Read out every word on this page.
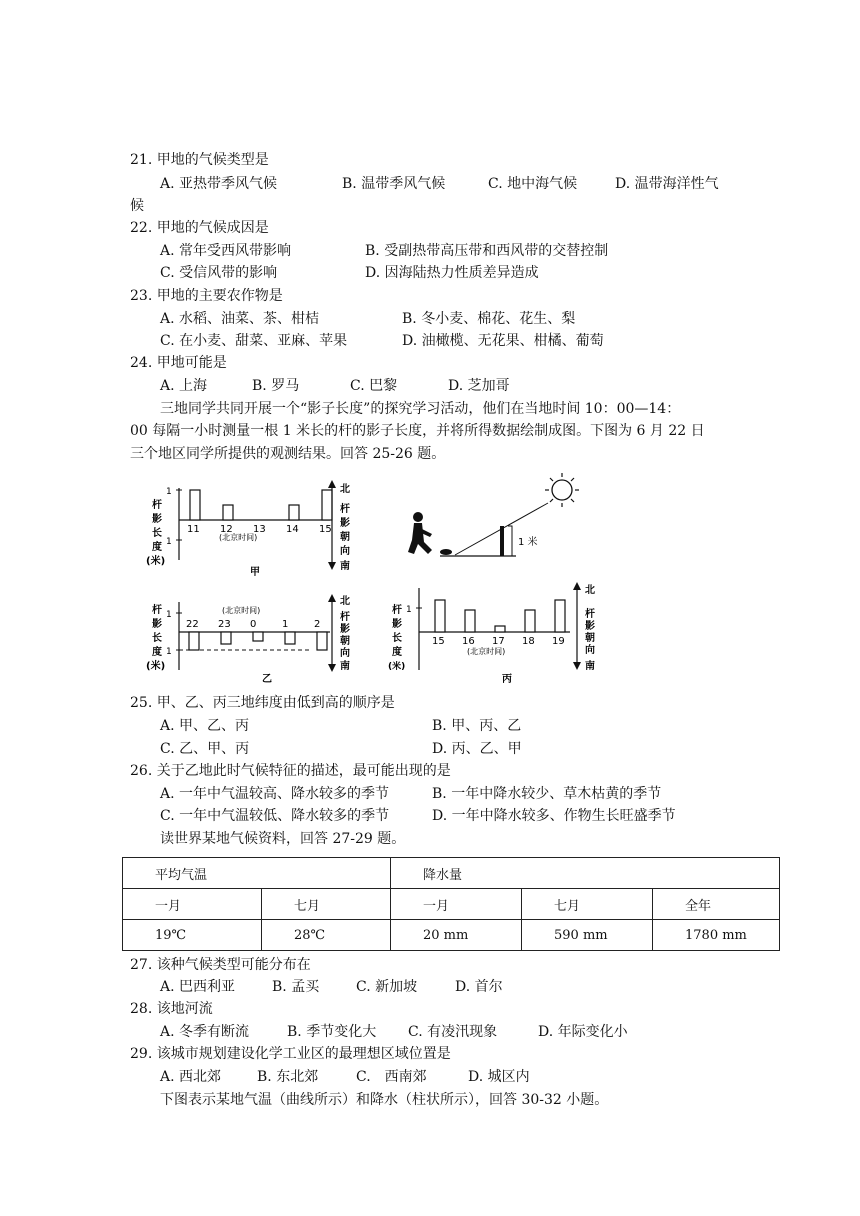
21. 甲地的气候类型是
A. 亚热带季风气候	B. 温带季风气候	C. 地中海气候	D. 温带海洋性气
候
22. 甲地的气候成因是
A. 常年受西风带影响	B. 受副热带高压带和西风带的交替控制
C. 受信风带的影响	D. 因海陆热力性质差异造成
23. 甲地的主要农作物是
A. 水稻、油菜、茶、柑桔	B. 冬小麦、棉花、花生、梨
C. 在小麦、甜菜、亚麻、苹果	D. 油橄榄、无花果、柑橘、葡萄
24. 甲地可能是
A. 上海	B. 罗马	C. 巴黎	D. 芝加哥
三地同学共同开展一个“影子长度”的探究学习活动，他们在当地时间 10：00—14：
00 每隔一小时测量一根 1 米长的杆的影子长度，并将所得数据绘制成图。下图为 6 月 22 日
三个地区同学所提供的观测结果。回答 25-26 题。
杆
影
长
度
(米)
1
1
11 12 13 14 15
(北京时间)
北
杆
影
朝
向
南
甲
1 米
杆
影
长
度
(米)
1
1
(北京时间)
22 23 0	1	2
北
杆
影
朝
向
南
乙
杆
影
长
度
(米)
1
15 16 17 18 19
(北京时间)
北
杆
影
朝
向
南
丙
25. 甲、乙、丙三地纬度由低到高的顺序是
A. 甲、乙、丙	B. 甲、丙、乙
C. 乙、甲、丙	D. 丙、乙、甲
26. 关于乙地此时气候特征的描述，最可能出现的是
A. 一年中气温较高、降水较多的季节	B. 一年中降水较少、草木枯黄的季节
C. 一年中气温较低、降水较多的季节	D. 一年中降水较多、作物生长旺盛季节
读世界某地气候资料，回答 27-29 题。
平均气温		降水量		
一月	七月	一月	七月	全年
19℃	28℃	20 mm	590 mm	1780 mm
27. 该种气候类型可能分布在
A. 巴西利亚	B. 孟买	C. 新加坡	D. 首尔
28. 该地河流
A. 冬季有断流	B. 季节变化大 C. 有凌汛现象	D. 年际变化小
29. 该城市规划建设化学工业区的最理想区域位置是
A. 西北郊	B. 东北郊	C.　西南郊	D. 城区内
下图表示某地气温（曲线所示）和降水（柱状所示），回答 30-32 小题。
